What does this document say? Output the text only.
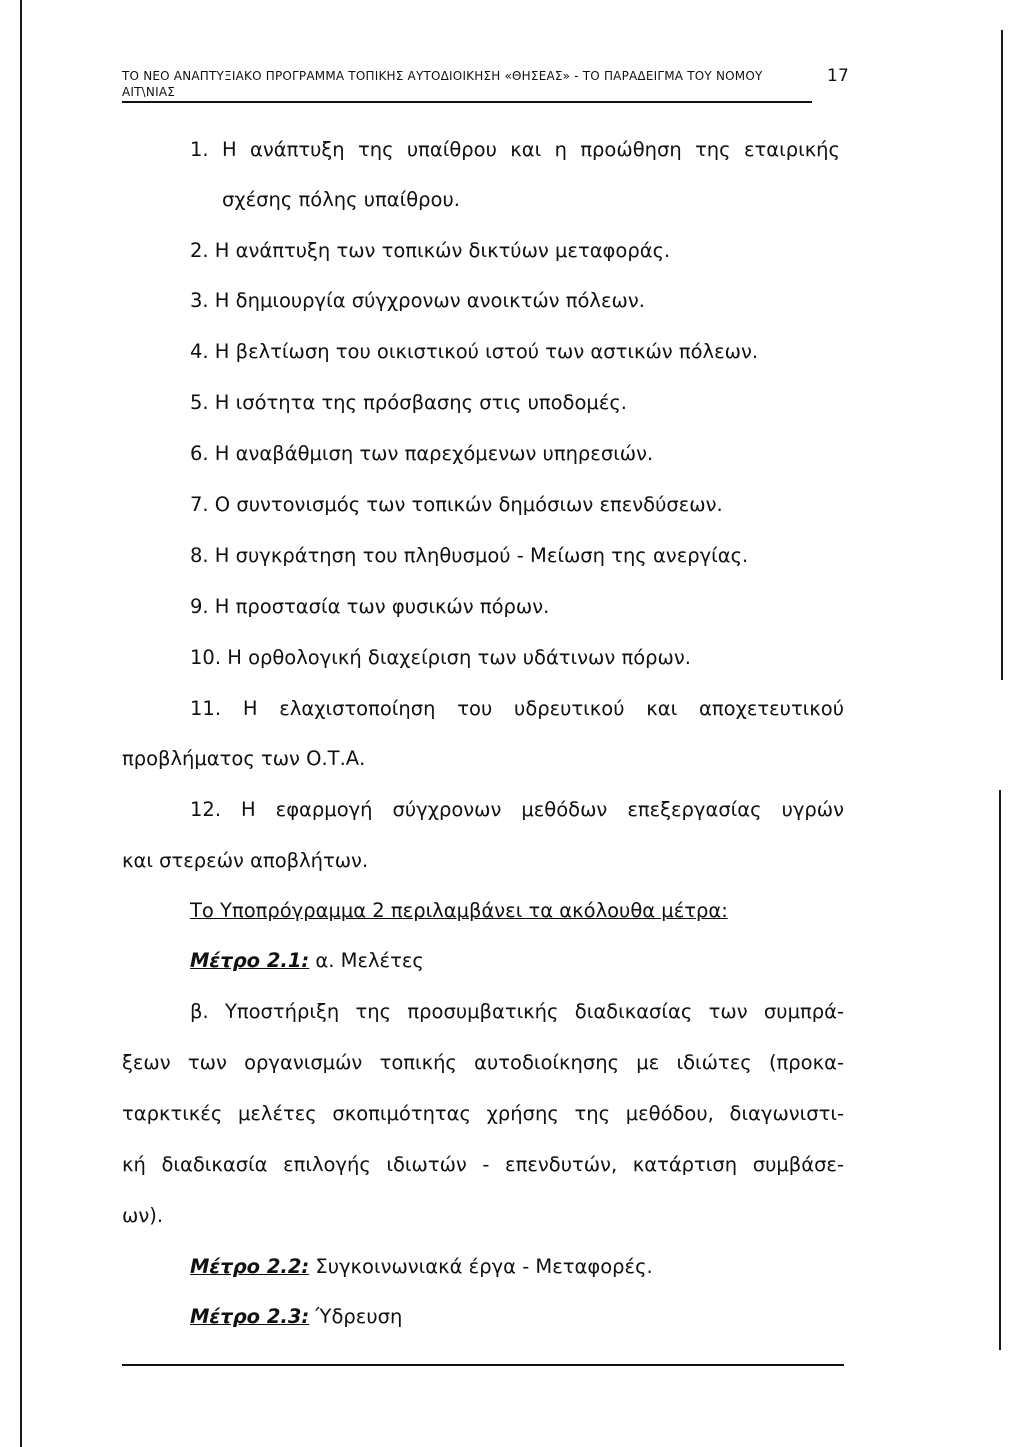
ΤΟ ΝΕΟ ΑΝΑΠΤΥΞΙΑΚΟ ΠΡΟΓΡΑΜΜΑ ΤΟΠΙΚΗΣ ΑΥΤΟΔΙΟΙΚΗΣΗ «ΘΗΣΕΑΣ» - ΤΟ ΠΑΡΑΔΕΙΓΜΑ ΤΟΥ ΝΟΜΟΥ ΑΙΤ\ΝΙΑΣ
17
1. Η ανάπτυξη της υπαίθρου και η προώθηση της εταιρικής
σχέσης πόλης υπαίθρου.
2. Η ανάπτυξη των τοπικών δικτύων μεταφοράς.
3. Η δημιουργία σύγχρονων ανοικτών πόλεων.
4. Η βελτίωση του οικιστικού ιστού των αστικών πόλεων.
5. Η ισότητα της πρόσβασης στις υποδομές.
6. Η αναβάθμιση των παρεχόμενων υπηρεσιών.
7. Ο συντονισμός των τοπικών δημόσιων επενδύσεων.
8. Η συγκράτηση του πληθυσμού - Μείωση της ανεργίας.
9. Η προστασία των φυσικών πόρων.
10. Η ορθολογική διαχείριση των υδάτινων πόρων.
11. Η ελαχιστοποίηση του υδρευτικού και αποχετευτικού
προβλήματος των Ο.Τ.Α.
12. Η εφαρμογή σύγχρονων μεθόδων επεξεργασίας υγρών
και στερεών αποβλήτων.
Το Υποπρόγραμμα 2 περιλαμβάνει τα ακόλουθα μέτρα:
Μέτρο 2.1: α. Μελέτες
β. Υποστήριξη της προσυμβατικής διαδικασίας των συμπρά-
ξεων των οργανισμών τοπικής αυτοδιοίκησης με ιδιώτες (προκα-
ταρκτικές μελέτες σκοπιμότητας χρήσης της μεθόδου, διαγωνιστι-
κή διαδικασία επιλογής ιδιωτών - επενδυτών, κατάρτιση συμβάσε-
ων).
Μέτρο 2.2: Συγκοινωνιακά έργα - Μεταφορές.
Μέτρο 2.3: Ύδρευση
